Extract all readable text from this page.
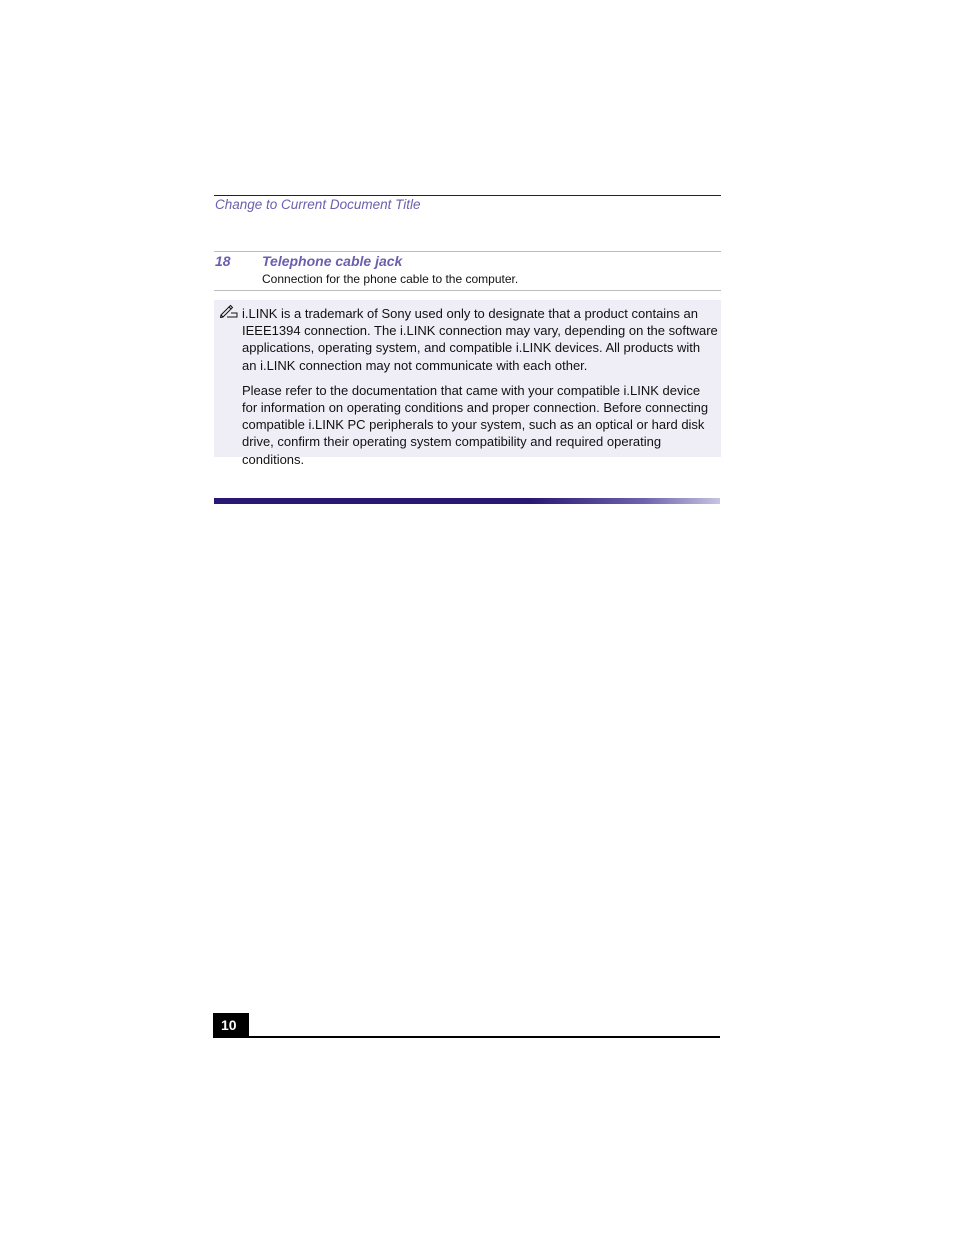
Change to Current Document Title
18 Telephone cable jack
Connection for the phone cable to the computer.

i.LINK is a trademark of Sony used only to designate that a product contains an IEEE1394 connection. The i.LINK connection may vary, depending on the software applications, operating system, and compatible i.LINK devices. All products with an i.LINK connection may not communicate with each other.

Please refer to the documentation that came with your compatible i.LINK device for information on operating conditions and proper connection. Before connecting compatible i.LINK PC peripherals to your system, such as an optical or hard disk drive, confirm their operating system compatibility and required operating conditions.

10
